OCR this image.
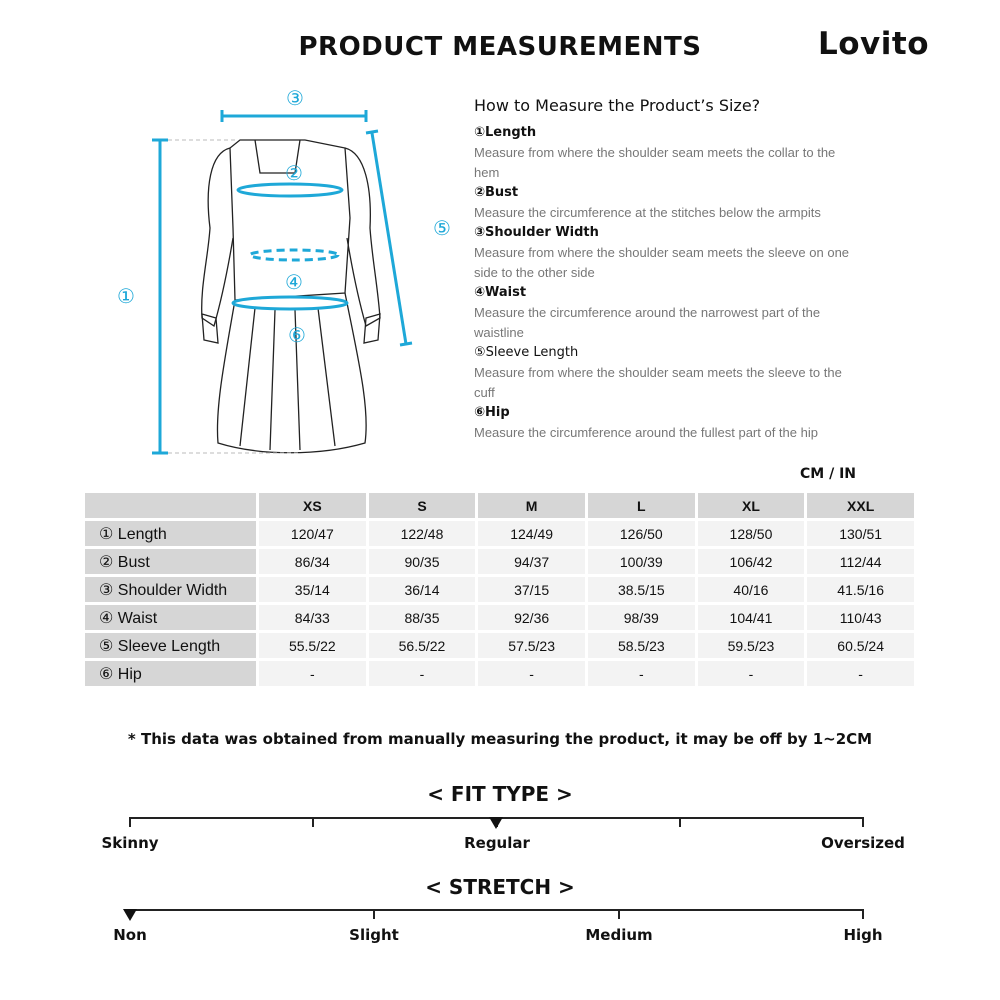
PRODUCT MEASUREMENTS	Lovito
①
②
③
④
⑤
⑥
How to Measure the Product’s Size?
①Length
Measure from where the shoulder seam meets the collar to the
hem
②Bust
Measure the circumference at the stitches below the armpits
③Shoulder Width
Measure from where the shoulder seam meets the sleeve on one
side to the other side
④Waist
Measure the circumference around the narrowest part of the
waistline
⑤Sleeve Length
Measure from where the shoulder seam meets the sleeve to the
cuff
⑥Hip
Measure the circumference around the fullest part of the hip
CM / IN
	XS	S	M	L	XL	XXL
① Length	120/47	122/48	124/49	126/50	128/50	130/51
② Bust	86/34	90/35	94/37	100/39	106/42	112/44
③ Shoulder Width	35/14	36/14	37/15	38.5/15	40/16	41.5/16
④ Waist	84/33	88/35	92/36	98/39	104/41	110/43
⑤ Sleeve Length	55.5/22	56.5/22	57.5/23	58.5/23	59.5/23	60.5/24
⑥ Hip	-	-	-	-	-	-
* This data was obtained from manually measuring the product, it may be off by 1~2CM
< FIT TYPE >
Skinny	Regular	Oversized
< STRETCH >
Non	Slight	Medium	High
